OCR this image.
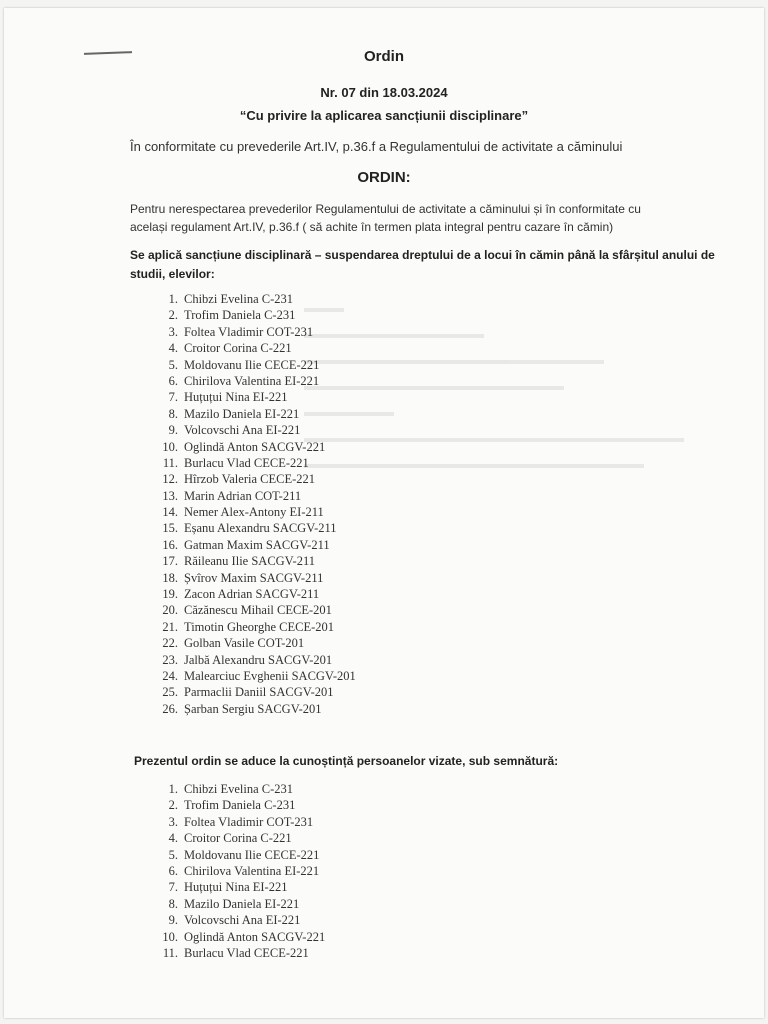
Ordin
Nr. 07 din 18.03.2024
“Cu privire la aplicarea sancțiunii disciplinare”
În conformitate cu prevederile Art.IV, p.36.f a Regulamentului de activitate a căminului
ORDIN:
Pentru nerespectarea prevederilor Regulamentului de activitate a căminului și în conformitate cu
același regulament Art.IV, p.36.f ( să achite în termen plata integral pentru cazare în cămin)
Se aplică sancțiune disciplinară – suspendarea dreptului de a locui în cămin până la sfârșitul anului de
studii, elevilor:
1. Chibzi Evelina C-231
2. Trofim Daniela C-231
3. Foltea Vladimir COT-231
4. Croitor Corina C-221
5. Moldovanu Ilie CECE-221
6. Chirilova Valentina EI-221
7. Huțuțui Nina EI-221
8. Mazilo Daniela EI-221
9. Volcovschi Ana EI-221
10. Oglindă Anton SACGV-221
11. Burlacu Vlad CECE-221
12. Hîrzob Valeria CECE-221
13. Marin Adrian COT-211
14. Nemer Alex-Antony EI-211
15. Eșanu Alexandru SACGV-211
16. Gatman Maxim SACGV-211
17. Răileanu Ilie SACGV-211
18. Șvîrov Maxim SACGV-211
19. Zacon Adrian SACGV-211
20. Căzănescu Mihail CECE-201
21. Timotin Gheorghe CECE-201
22. Golban Vasile COT-201
23. Jalbă Alexandru SACGV-201
24. Malearciuc Evghenii SACGV-201
25. Parmaclii Daniil SACGV-201
26. Șarban Sergiu SACGV-201
Prezentul ordin se aduce la cunoștință persoanelor vizate, sub semnătură:
1. Chibzi Evelina C-231
2. Trofim Daniela C-231
3. Foltea Vladimir COT-231
4. Croitor Corina C-221
5. Moldovanu Ilie CECE-221
6. Chirilova Valentina EI-221
7. Huțuțui Nina EI-221
8. Mazilo Daniela EI-221
9. Volcovschi Ana EI-221
10. Oglindă Anton SACGV-221
11. Burlacu Vlad CECE-221
